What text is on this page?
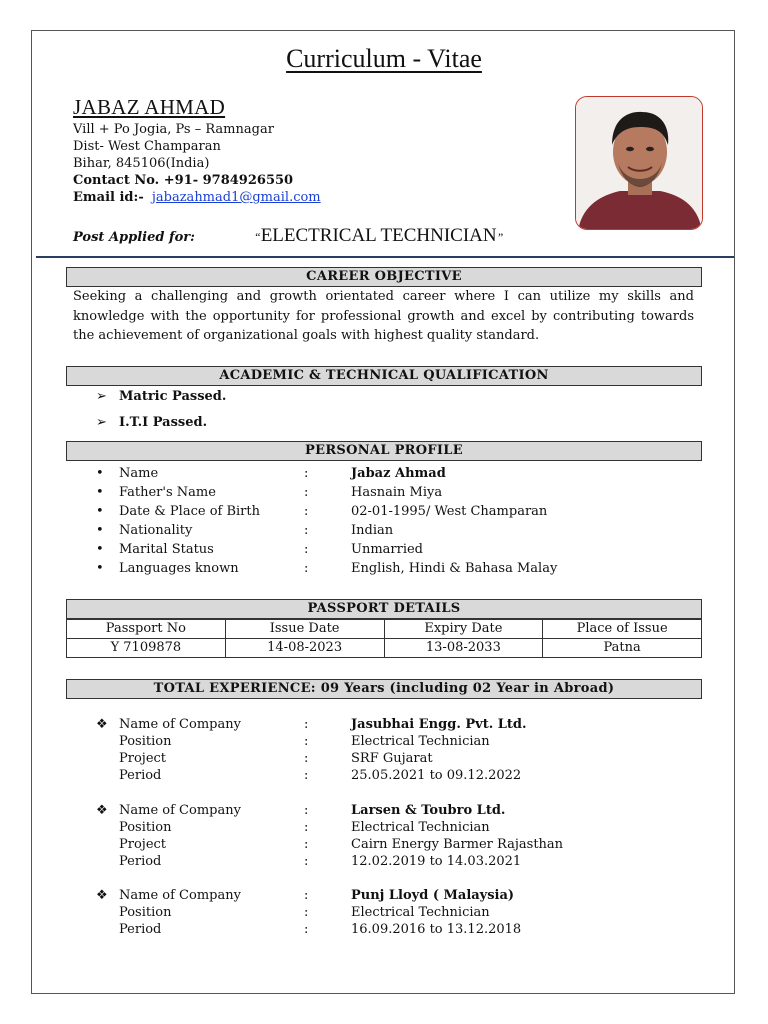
Curriculum - Vitae
JABAZ AHMAD
Vill + Po Jogia, Ps – Ramnagar
Dist- West Champaran
Bihar, 845106(India)
Contact No. +91- 9784926550
Email id:- jabazahmad1@gmail.com
Post Applied for:	“ELECTRICAL TECHNICIAN”
CAREER OBJECTIVE
Seeking a challenging and growth orientated career where I can utilize my skills and knowledge with the opportunity for professional growth and excel by contributing towards the achievement of organizational goals with highest quality standard.
ACADEMIC & TECHNICAL QUALIFICATION
➢ Matric Passed.
➢ I.T.I Passed.
PERSONAL PROFILE
•	Name	:	Jabaz Ahmad
•	Father's Name	:	Hasnain Miya
•	Date & Place of Birth	:	02-01-1995/ West Champaran
•	Nationality	:	Indian
•	Marital Status	:	Unmarried
•	Languages known	:	English, Hindi & Bahasa Malay
PASSPORT DETAILS
Passport No	Issue Date	Expiry Date	Place of Issue
Y 7109878	14-08-2023	13-08-2033	Patna
TOTAL EXPERIENCE: 09 Years (including 02 Year in Abroad)
❖ Name of Company	:	Jasubhai Engg. Pvt. Ltd.
Position	:	Electrical Technician
Project	:	SRF Gujarat
Period	:	25.05.2021 to 09.12.2022
❖ Name of Company	:	Larsen & Toubro Ltd.
Position	:	Electrical Technician
Project	:	Cairn Energy Barmer Rajasthan
Period	:	12.02.2019 to 14.03.2021
❖ Name of Company	:	Punj Lloyd ( Malaysia)
Position	:	Electrical Technician
Period	:	16.09.2016 to 13.12.2018
